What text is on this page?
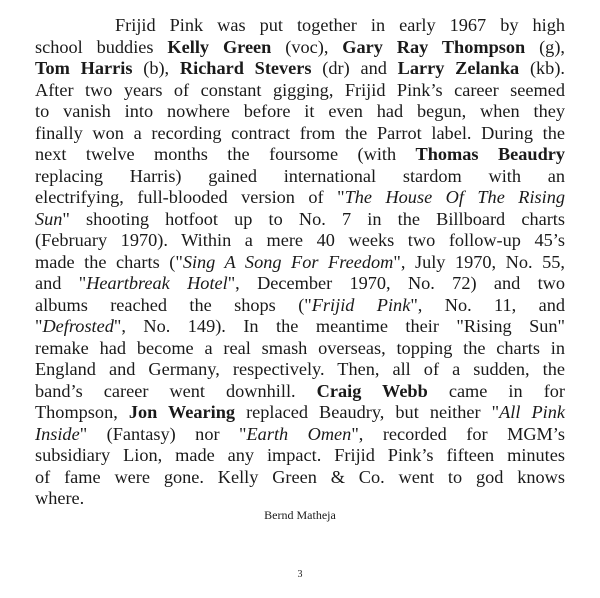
Frijid Pink was put together in early 1967 by high
school buddies Kelly Green (voc), Gary Ray Thompson (g),
Tom Harris (b), Richard Stevers (dr) and Larry Zelanka (kb).
After two years of constant gigging, Frijid Pink’s career seemed
to vanish into nowhere before it even had begun, when they
finally won a recording contract from the Parrot label. During the
next twelve months the foursome (with Thomas Beaudry
replacing Harris) gained international stardom with an
electrifying, full-blooded version of "The House Of The Rising
Sun" shooting hotfoot up to No. 7 in the Billboard charts
(February 1970). Within a mere 40 weeks two follow-up 45’s
made the charts ("Sing A Song For Freedom", July 1970, No. 55,
and "Heartbreak Hotel", December 1970, No. 72) and two
albums reached the shops ("Frijid Pink", No. 11, and
"Defrosted", No. 149). In the meantime their "Rising Sun"
remake had become a real smash overseas, topping the charts in
England and Germany, respectively. Then, all of a sudden, the
band’s career went downhill. Craig Webb came in for
Thompson, Jon Wearing replaced Beaudry, but neither "All Pink
Inside" (Fantasy) nor "Earth Omen", recorded for MGM’s
subsidiary Lion, made any impact. Frijid Pink’s fifteen minutes
of fame were gone. Kelly Green & Co. went to god knows
where.
Bernd Matheja
3
